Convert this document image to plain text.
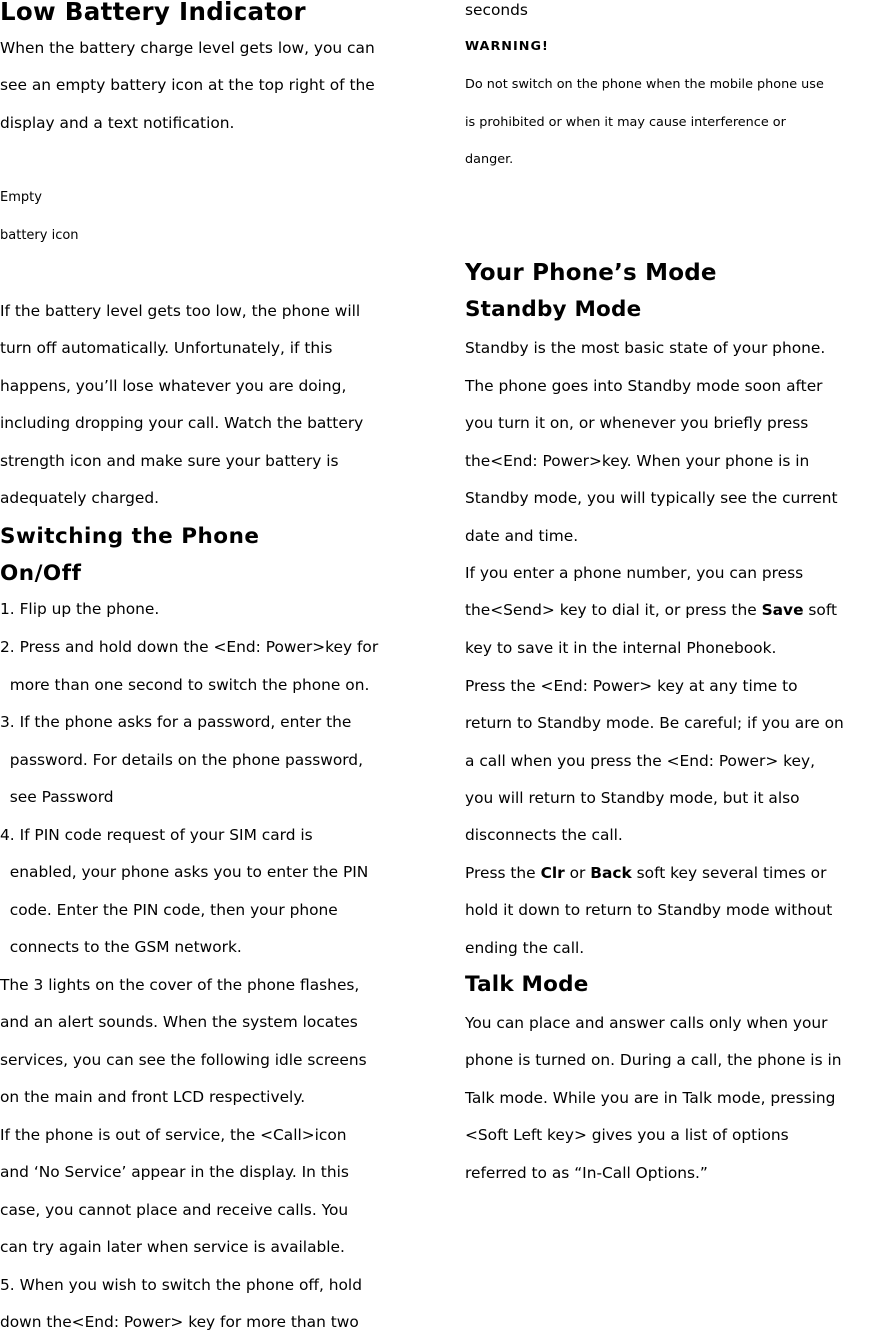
Low Battery Indicator
When the battery charge level gets low, you can
see an empty battery icon at the top right of the
display and a text notification.
Empty
battery icon
If the battery level gets too low, the phone will
turn off automatically. Unfortunately, if this
happens, you’ll lose whatever you are doing,
including dropping your call. Watch the battery
strength icon and make sure your battery is
adequately charged.
Switching the Phone
On/Off
1. Flip up the phone.
2. Press and hold down the <End: Power>key for
more than one second to switch the phone on.
3. If the phone asks for a password, enter the
password. For details on the phone password,
see Password
4. If PIN code request of your SIM card is
enabled, your phone asks you to enter the PIN
code. Enter the PIN code, then your phone
connects to the GSM network.
The 3 lights on the cover of the phone flashes,
and an alert sounds. When the system locates
services, you can see the following idle screens
on the main and front LCD respectively.
If the phone is out of service, the <Call>icon
and ‘No Service’ appear in the display. In this
case, you cannot place and receive calls. You
can try again later when service is available.
5. When you wish to switch the phone off, hold
down the<End: Power> key for more than two
seconds
WARNING!
Do not switch on the phone when the mobile phone use
is prohibited or when it may cause interference or
danger.
Your Phone’s Mode
Standby Mode
Standby is the most basic state of your phone.
The phone goes into Standby mode soon after
you turn it on, or whenever you briefly press
the<End: Power>key. When your phone is in
Standby mode, you will typically see the current
date and time.
If you enter a phone number, you can press
the<Send> key to dial it, or press the Save soft
key to save it in the internal Phonebook.
Press the <End: Power> key at any time to
return to Standby mode. Be careful; if you are on
a call when you press the <End: Power> key,
you will return to Standby mode, but it also
disconnects the call.
Press the Clr or Back soft key several times or
hold it down to return to Standby mode without
ending the call.
Talk Mode
You can place and answer calls only when your
phone is turned on. During a call, the phone is in
Talk mode. While you are in Talk mode, pressing
<Soft Left key> gives you a list of options
referred to as “In-Call Options.”
